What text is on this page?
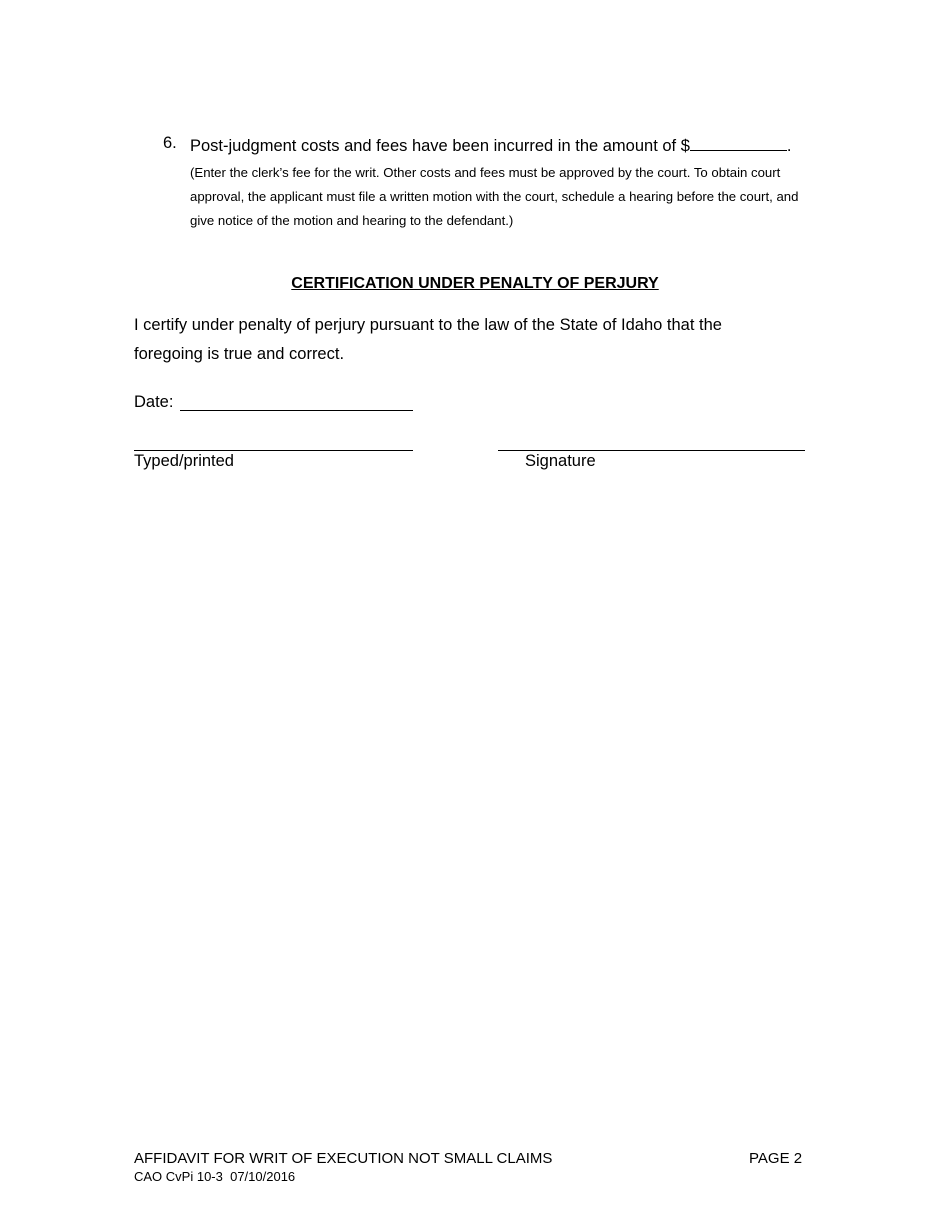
6. Post-judgment costs and fees have been incurred in the amount of $	.
(Enter the clerk’s fee for the writ. Other costs and fees must be approved by the court. To obtain court approval, the applicant must file a written motion with the court, schedule a hearing before the court, and give notice of the motion and hearing to the defendant.)
CERTIFICATION UNDER PENALTY OF PERJURY
I certify under penalty of perjury pursuant to the law of the State of Idaho that the foregoing is true and correct.
Date:
Typed/printed	Signature
AFFIDAVIT FOR WRIT OF EXECUTION NOT SMALL CLAIMS	PAGE 2
CAO CvPi 10-3  07/10/2016
